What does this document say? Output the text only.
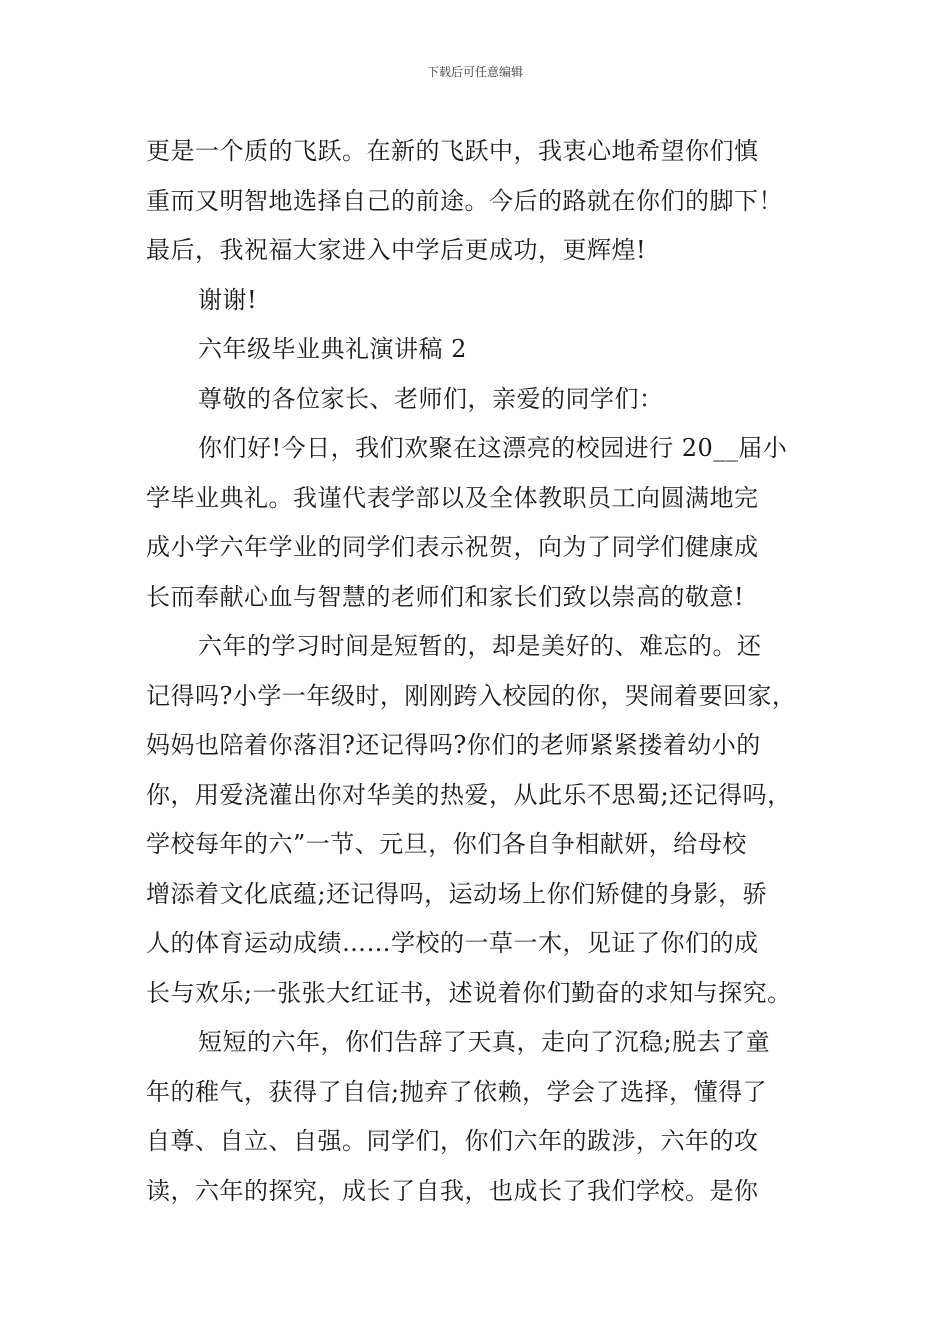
下载后可任意编辑
更是一个质的飞跃。在新的飞跃中，我衷心地希望你们慎
重而又明智地选择自己的前途。今后的路就在你们的脚下！
最后，我祝福大家进入中学后更成功，更辉煌!
谢谢!
六年级毕业典礼演讲稿 2
尊敬的各位家长、老师们，亲爱的同学们：
你们好!今日，我们欢聚在这漂亮的校园进行 20__届小
学毕业典礼。我谨代表学部以及全体教职员工向圆满地完
成小学六年学业的同学们表示祝贺，向为了同学们健康成
长而奉献心血与智慧的老师们和家长们致以崇高的敬意!
六年的学习时间是短暂的，却是美好的、难忘的。还
记得吗?小学一年级时，刚刚跨入校园的你，哭闹着要回家，
妈妈也陪着你落泪?还记得吗?你们的老师紧紧搂着幼小的
你，用爱浇灌出你对华美的热爱，从此乐不思蜀;还记得吗，
学校每年的六”一节、元旦，你们各自争相献妍，给母校
增添着文化底蕴;还记得吗，运动场上你们矫健的身影，骄
人的体育运动成绩……学校的一草一木，见证了你们的成
长与欢乐;一张张大红证书，述说着你们勤奋的求知与探究。
短短的六年，你们告辞了天真，走向了沉稳;脱去了童
年的稚气，获得了自信;抛弃了依赖，学会了选择，懂得了
自尊、自立、自强。同学们，你们六年的跋涉，六年的攻
读，六年的探究，成长了自我，也成长了我们学校。是你
